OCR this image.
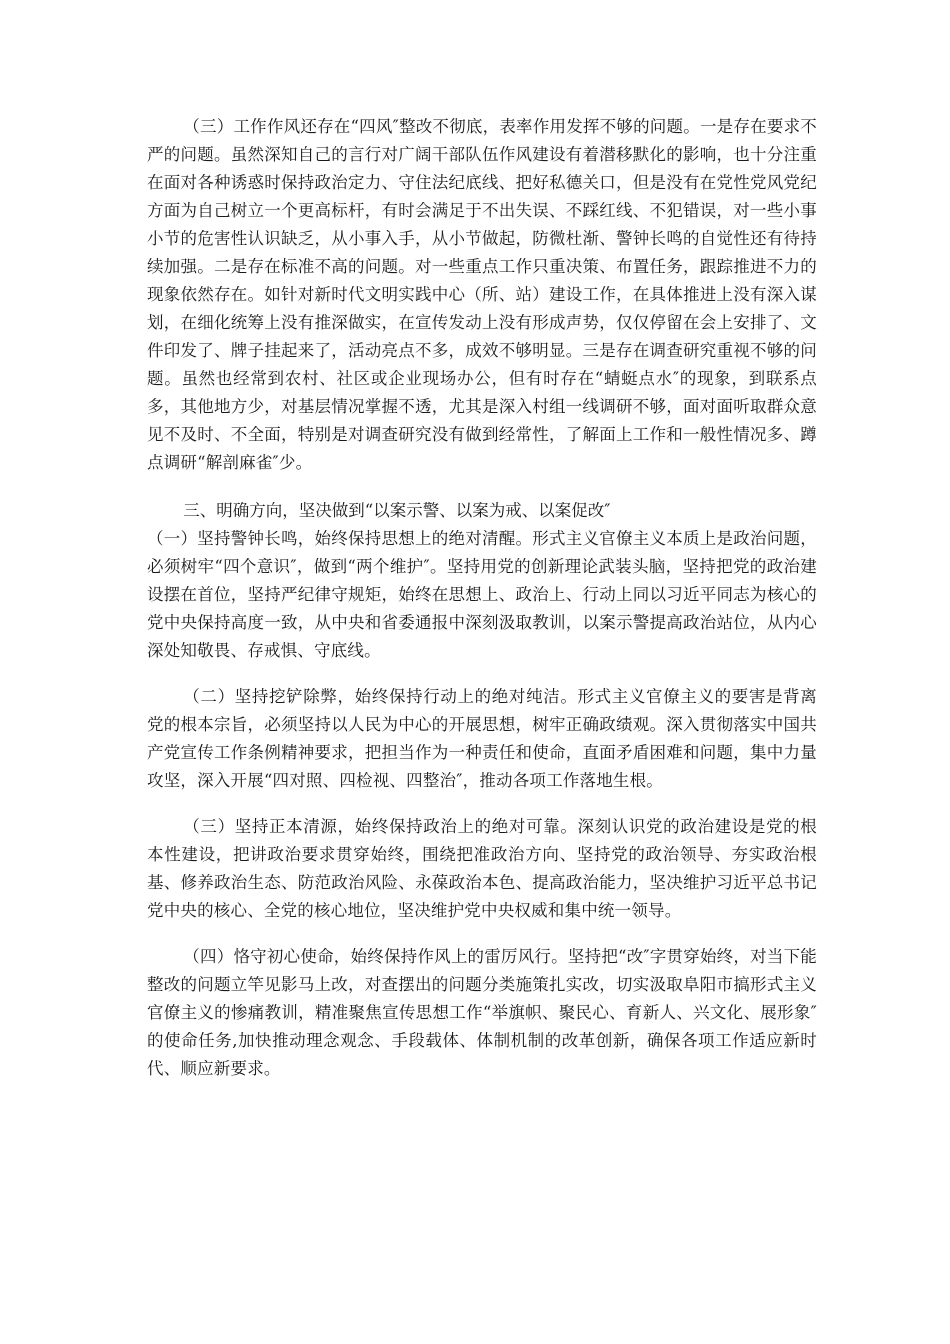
（三）工作作风还存在“四风″整改不彻底，表率作用发挥不够的问题。一是存在要求不严的问题。虽然深知自己的言行对广阔干部队伍作风建设有着潜移默化的影响，也十分注重在面对各种诱惑时保持政治定力、守住法纪底线、把好私德关口，但是没有在党性党风党纪方面为自己树立一个更高标杆，有时会满足于不出失误、不踩红线、不犯错误，对一些小事小节的危害性认识缺乏，从小事入手，从小节做起，防微杜渐、警钟长鸣的自觉性还有待持续加强。二是存在标准不高的问题。对一些重点工作只重决策、布置任务，跟踪推进不力的现象依然存在。如针对新时代文明实践中心（所、站）建设工作，在具体推进上没有深入谋划，在细化统筹上没有推深做实，在宣传发动上没有形成声势，仅仅停留在会上安排了、文件印发了、牌子挂起来了，活动亮点不多，成效不够明显。三是存在调查研究重视不够的问题。虽然也经常到农村、社区或企业现场办公，但有时存在“蜻蜓点水″的现象，到联系点多，其他地方少，对基层情况掌握不透，尤其是深入村组一线调研不够，面对面听取群众意见不及时、不全面，特别是对调查研究没有做到经常性，了解面上工作和一般性情况多、蹲点调研“解剖麻雀″少。

三、明确方向，坚决做到“以案示警、以案为戒、以案促改″

（一）坚持警钟长鸣，始终保持思想上的绝对清醒。形式主义官僚主义本质上是政治问题，必须树牢“四个意识″，做到“两个维护″。坚持用党的创新理论武装头脑，坚持把党的政治建设摆在首位，坚持严纪律守规矩，始终在思想上、政治上、行动上同以习近平同志为核心的党中央保持高度一致，从中央和省委通报中深刻汲取教训，以案示警提高政治站位，从内心深处知敬畏、存戒惧、守底线。

（二）坚持挖铲除弊，始终保持行动上的绝对纯洁。形式主义官僚主义的要害是背离党的根本宗旨，必须坚持以人民为中心的开展思想，树牢正确政绩观。深入贯彻落实中国共产党宣传工作条例精神要求，把担当作为一种责任和使命，直面矛盾困难和问题，集中力量攻坚，深入开展“四对照、四检视、四整治″，推动各项工作落地生根。

（三）坚持正本清源，始终保持政治上的绝对可靠。深刻认识党的政治建设是党的根本性建设，把讲政治要求贯穿始终，围绕把准政治方向、坚持党的政治领导、夯实政治根基、修养政治生态、防范政治风险、永葆政治本色、提高政治能力，坚决维护习近平总书记党中央的核心、全党的核心地位，坚决维护党中央权威和集中统一领导。

（四）恪守初心使命，始终保持作风上的雷厉风行。坚持把“改″字贯穿始终，对当下能整改的问题立竿见影马上改，对查摆出的问题分类施策扎实改，切实汲取阜阳市搞形式主义官僚主义的惨痛教训，精准聚焦宣传思想工作“举旗帜、聚民心、育新人、兴文化、展形象″的使命任务,加快推动理念观念、手段载体、体制机制的改革创新，确保各项工作适应新时代、顺应新要求。
